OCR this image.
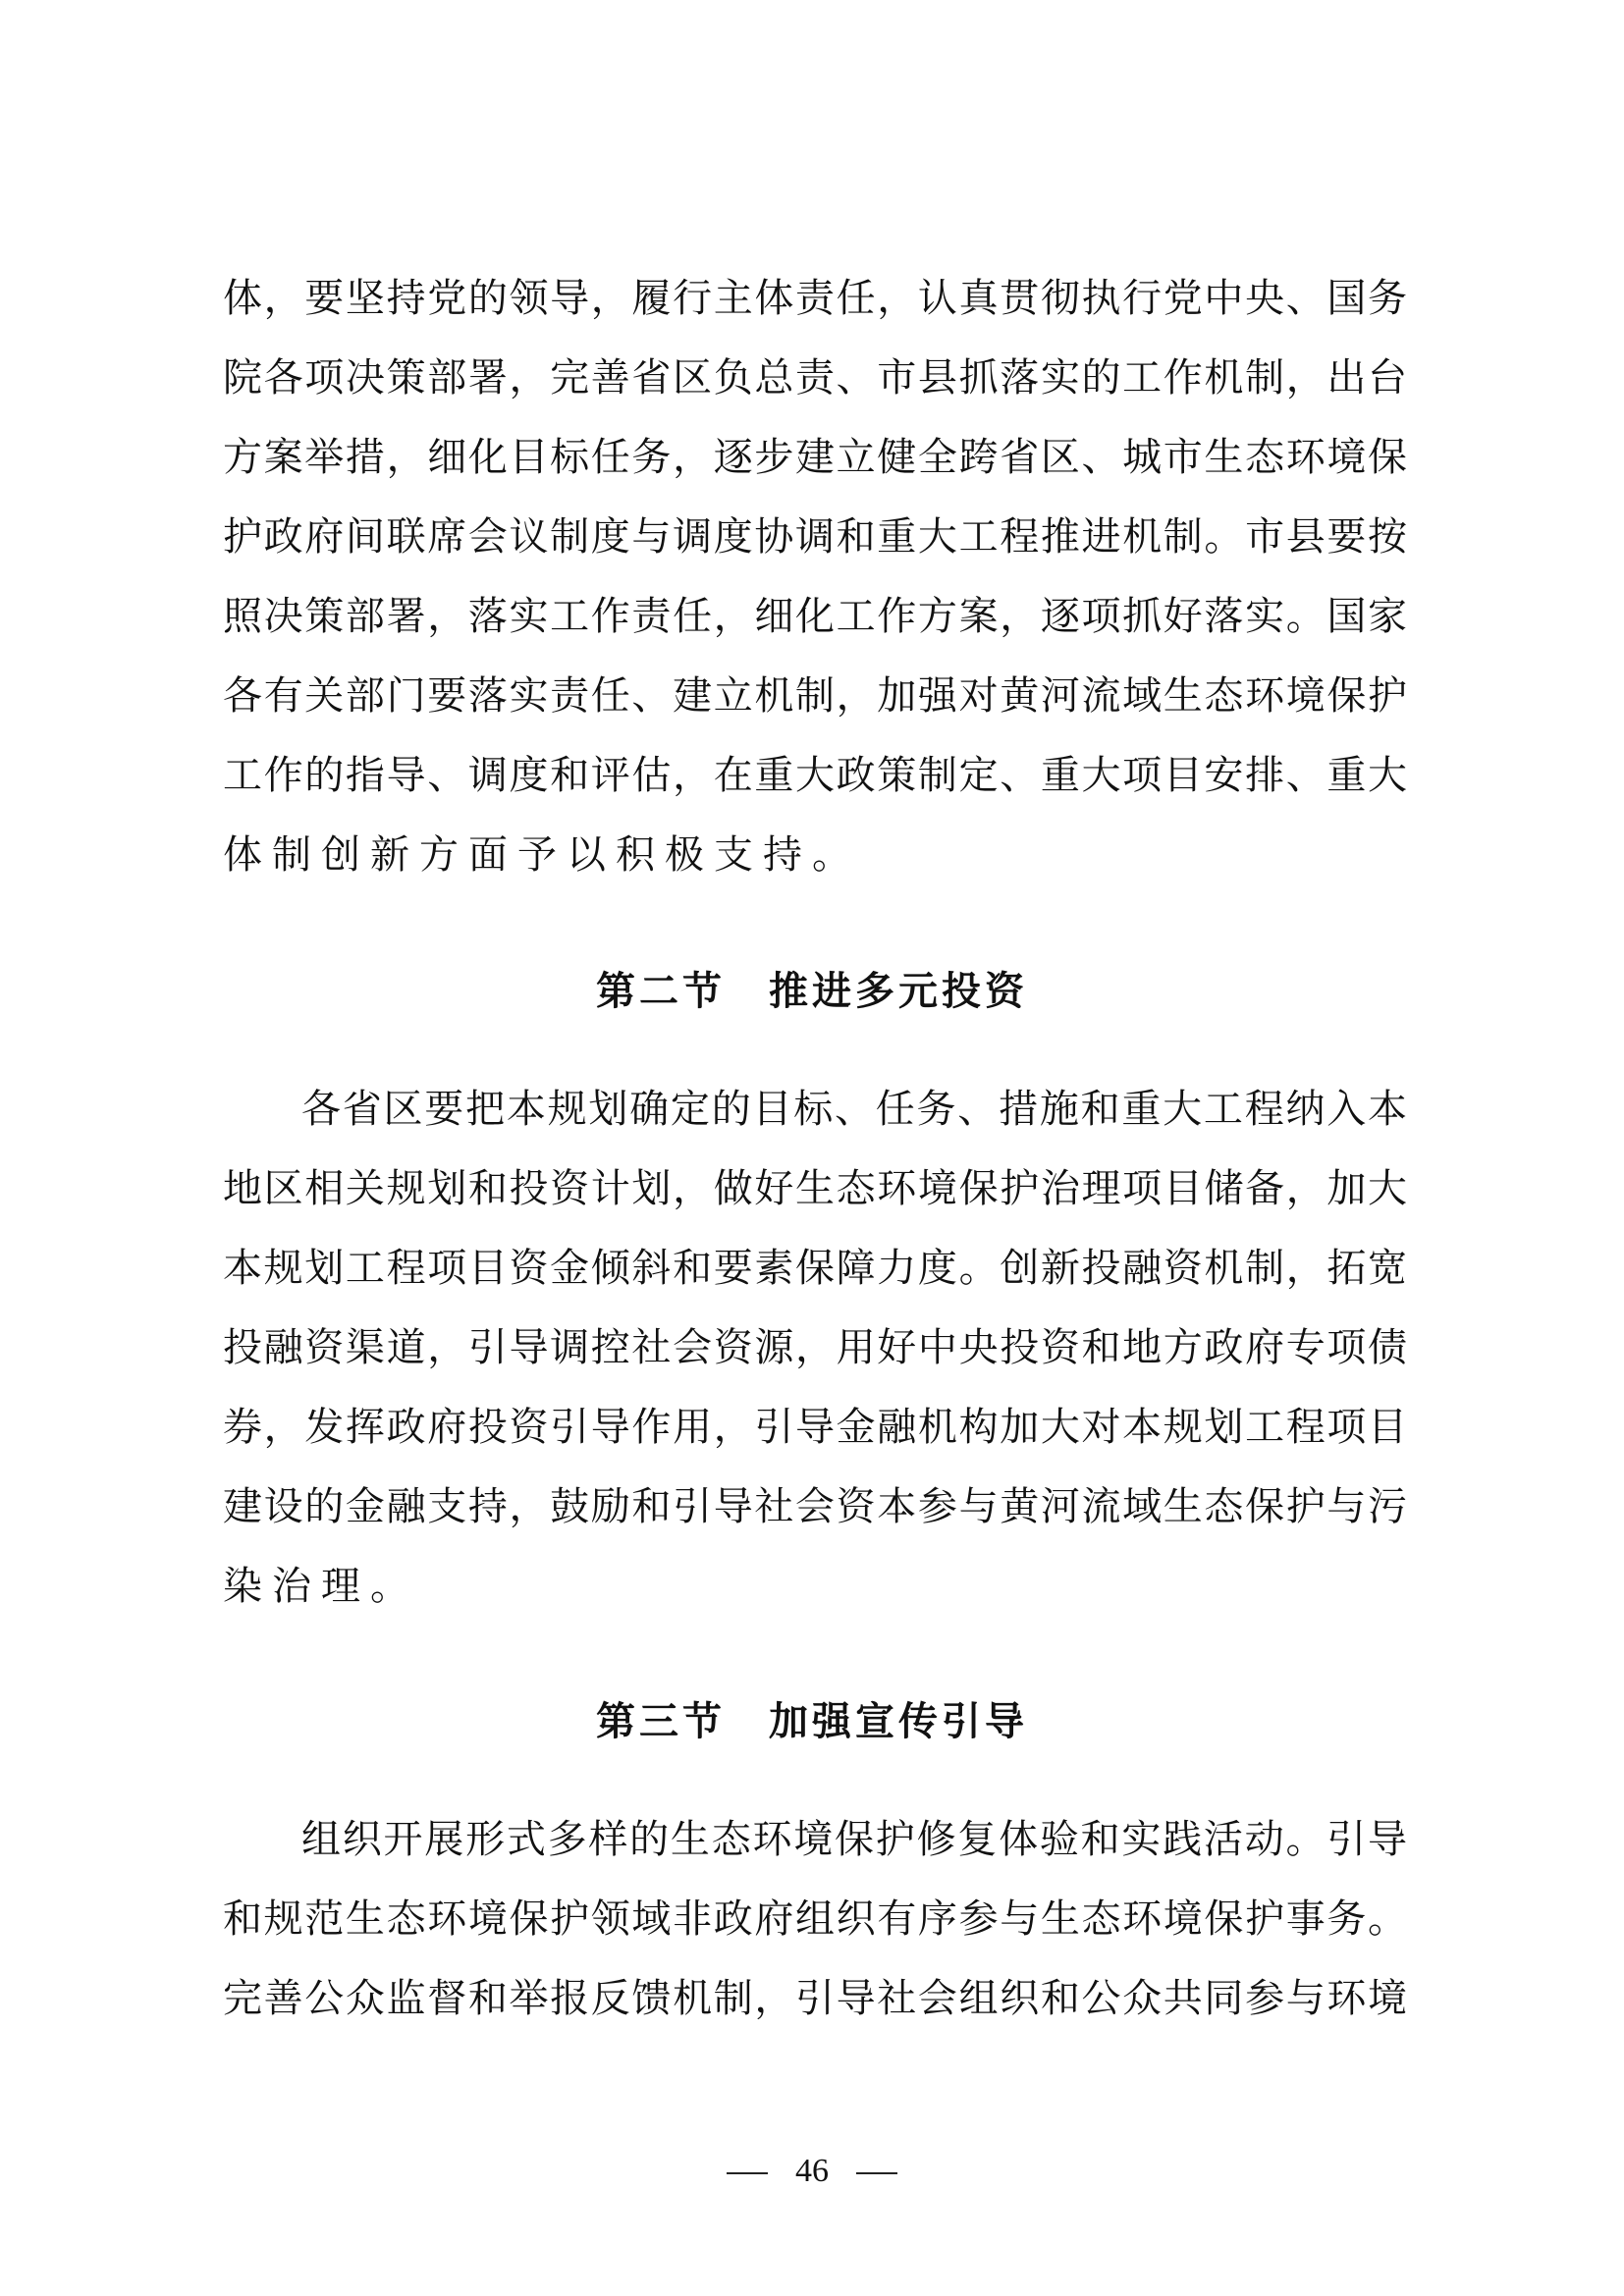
体，要坚持党的领导，履行主体责任，认真贯彻执行党中央、国务
院各项决策部署，完善省区负总责、市县抓落实的工作机制，出台
方案举措，细化目标任务，逐步建立健全跨省区、城市生态环境保
护政府间联席会议制度与调度协调和重大工程推进机制。市县要按
照决策部署，落实工作责任，细化工作方案，逐项抓好落实。国家
各有关部门要落实责任、建立机制，加强对黄河流域生态环境保护
工作的指导、调度和评估，在重大政策制定、重大项目安排、重大
体制创新方面予以积极支持。
第二节　推进多元投资
各省区要把本规划确定的目标、任务、措施和重大工程纳入本
地区相关规划和投资计划，做好生态环境保护治理项目储备，加大
本规划工程项目资金倾斜和要素保障力度。创新投融资机制，拓宽
投融资渠道，引导调控社会资源，用好中央投资和地方政府专项债
券，发挥政府投资引导作用，引导金融机构加大对本规划工程项目
建设的金融支持，鼓励和引导社会资本参与黄河流域生态保护与污
染治理。
第三节　加强宣传引导
组织开展形式多样的生态环境保护修复体验和实践活动。引导
和规范生态环境保护领域非政府组织有序参与生态环境保护事务。
完善公众监督和举报反馈机制，引导社会组织和公众共同参与环境
46
